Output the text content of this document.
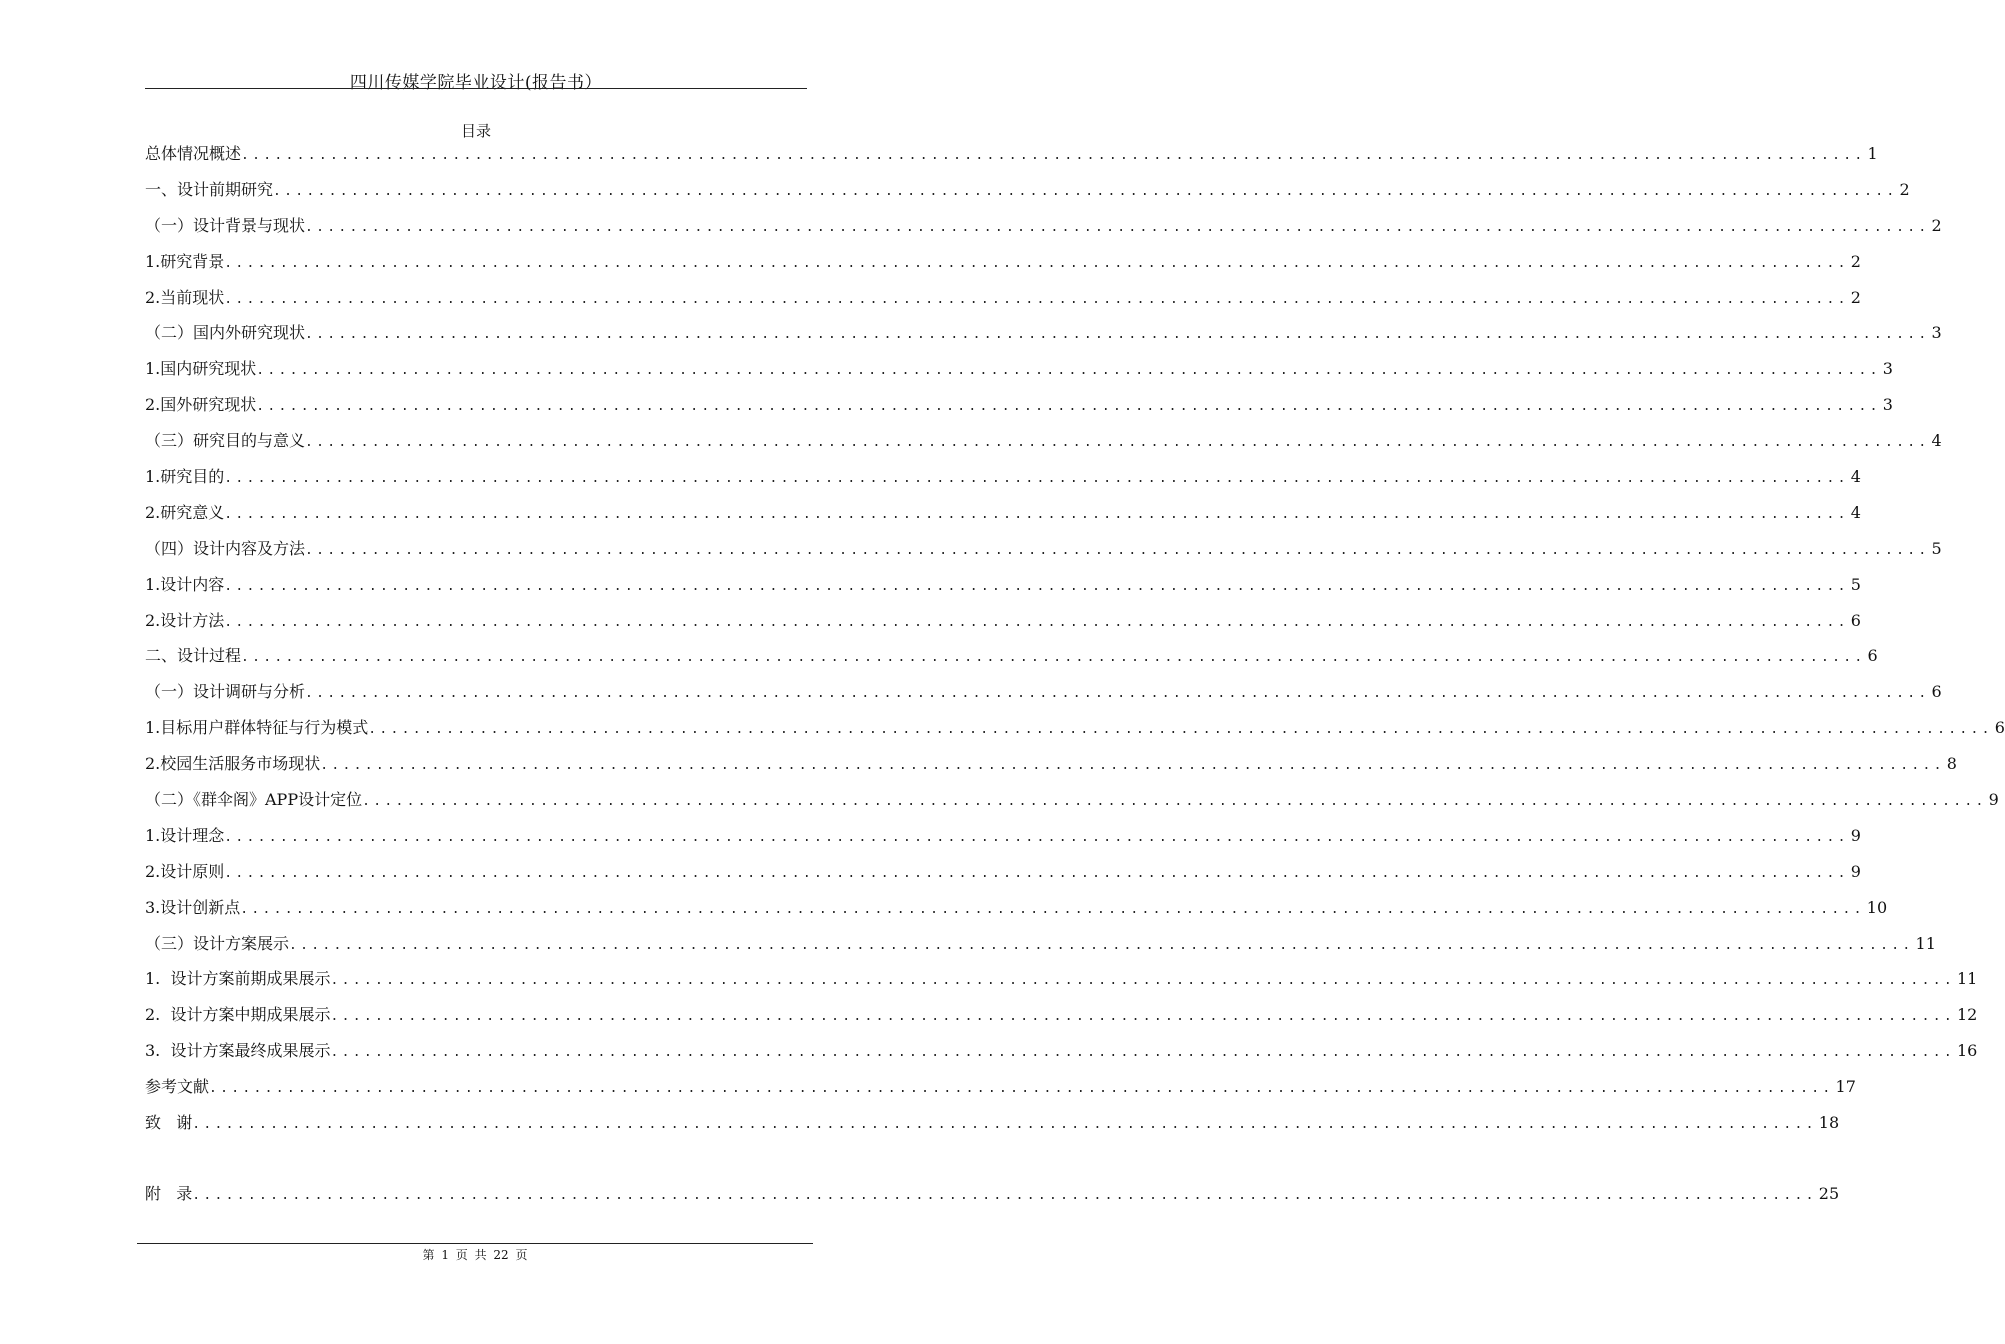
四川传媒学院毕业设计(报告书）
目录
总体情况概述 .................................................................................................................................................. 1
一、设计前期研究 .................................................................................................................................................. 2
（一）设计背景与现状 .................................................................................................................................................. 2
1.研究背景 .................................................................................................................................................. 2
2.当前现状 .................................................................................................................................................. 2
（二）国内外研究现状 .................................................................................................................................................. 3
1.国内研究现状 .................................................................................................................................................. 3
2.国外研究现状 .................................................................................................................................................. 3
（三）研究目的与意义 .................................................................................................................................................. 4
1.研究目的 .................................................................................................................................................. 4
2.研究意义 .................................................................................................................................................. 4
（四）设计内容及方法 .................................................................................................................................................. 5
1.设计内容 .................................................................................................................................................. 5
2.设计方法 .................................................................................................................................................. 6
二、设计过程 .................................................................................................................................................. 6
（一）设计调研与分析 .................................................................................................................................................. 6
1.目标用户群体特征与行为模式 .................................................................................................................................................. 6
2.校园生活服务市场现状 .................................................................................................................................................. 8
（二）《群伞阁》APP设计定位 .................................................................................................................................................. 9
1.设计理念 .................................................................................................................................................. 9
2.设计原则 .................................................................................................................................................. 9
3.设计创新点 .................................................................................................................................................. 10
（三）设计方案展示 .................................................................................................................................................. 11
1.  设计方案前期成果展示 .................................................................................................................................................. 11
2.  设计方案中期成果展示 .................................................................................................................................................. 12
3.  设计方案最终成果展示 .................................................................................................................................................. 16
参考文献 .................................................................................................................................................. 17
致   谢 .................................................................................................................................................. 18
附   录 .................................................................................................................................................. 25
第 1 页 共 22 页
